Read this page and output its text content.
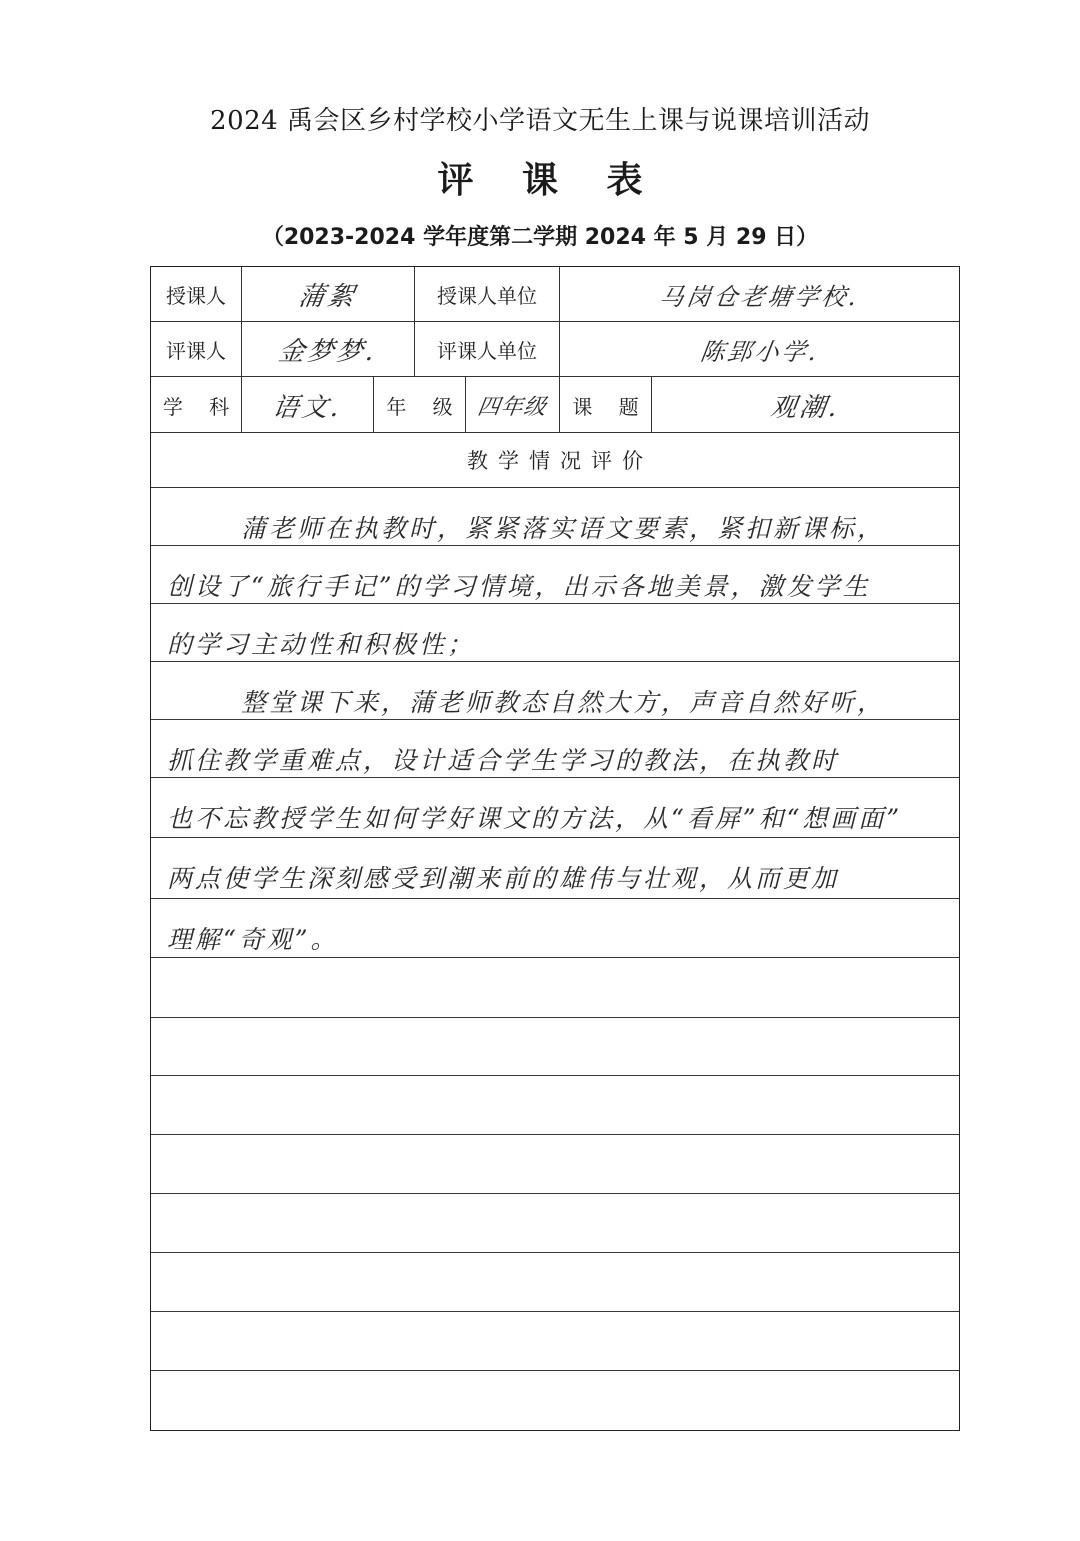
2024 禹会区乡村学校小学语文无生上课与说课培训活动
评 课 表
（2023-2024 学年度第二学期 2024 年 5 月 29 日）
授课人	蒲絮	授课人单位	马岗仓老塘学校.
评课人 金梦梦.	评课人单位	陈郢小学.
学 科 语文.	年 级 四年级	课 题	观潮.
教学情况评价
蒲老师在执教时，紧紧落实语文要素，紧扣新课标，
创设了“旅行手记”的学习情境，出示各地美景，激发学生
的学习主动性和积极性；
整堂课下来，蒲老师教态自然大方，声音自然好听，
抓住教学重难点，设计适合学生学习的教法，在执教时
也不忘教授学生如何学好课文的方法，从“看屏”和“想画面”
两点使学生深刻感受到潮来前的雄伟与壮观，从而更加
理解“奇观”。
